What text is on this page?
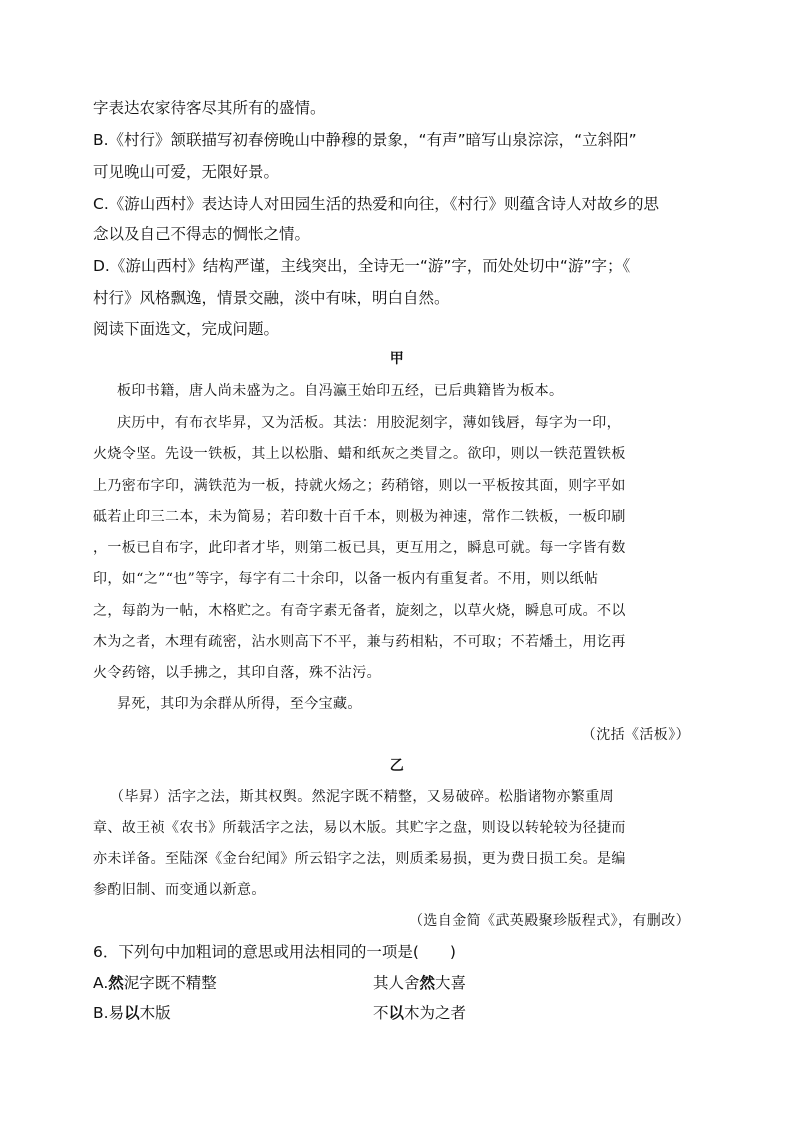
字表达农家待客尽其所有的盛情。
B.《村行》颔联描写初春傍晚山中静穆的景象，“有声”暗写山泉淙淙，“立斜阳”
可见晚山可爱，无限好景。
C.《游山西村》表达诗人对田园生活的热爱和向往，《村行》则蕴含诗人对故乡的思
念以及自己不得志的惆怅之情。
D.《游山西村》结构严谨，主线突出，全诗无一“游”字，而处处切中“游”字；《
村行》风格飘逸，情景交融，淡中有味，明白自然。
阅读下面选文，完成问题。
甲
板印书籍，唐人尚未盛为之。自冯瀛王始印五经，已后典籍皆为板本。
庆历中，有布衣毕昇，又为活板。其法：用胶泥刻字，薄如钱唇，每字为一印，
火烧令坚。先设一铁板，其上以松脂、蜡和纸灰之类冒之。欲印，则以一铁范置铁板
上乃密布字印，满铁范为一板，持就火炀之；药稍镕，则以一平板按其面，则字平如
砥若止印三二本，未为简易；若印数十百千本，则极为神速，常作二铁板，一板印刷
，一板已自布字，此印者才毕，则第二板已具，更互用之，瞬息可就。每一字皆有数
印，如“之”“也”等字，每字有二十余印，以备一板内有重复者。不用，则以纸帖
之，每韵为一帖，木格贮之。有奇字素无备者，旋刻之，以草火烧，瞬息可成。不以
木为之者，木理有疏密，沾水则高下不平，兼与药相粘，不可取；不若燔土，用讫再
火令药镕，以手拂之，其印自落，殊不沾污。
昇死，其印为余群从所得，至今宝藏。
（沈括《活板》）
乙
（毕昇）活字之法，斯其权舆。然泥字既不精整，又易破碎。松脂诸物亦繁重周
章、故王祯《农书》所载活字之法，易以木版。其贮字之盘，则设以转轮较为径捷而
亦未详备。至陆深《金台纪闻》所云铅字之法，则质柔易损，更为费日损工矣。是编
参酌旧制、而变通以新意。
（选自金简《武英殿聚珍版程式》，有删改）
6．下列句中加粗词的意思或用法相同的一项是(　　)
A.然泥字既不精整	其人舍然大喜
B.易以木版	不以木为之者
